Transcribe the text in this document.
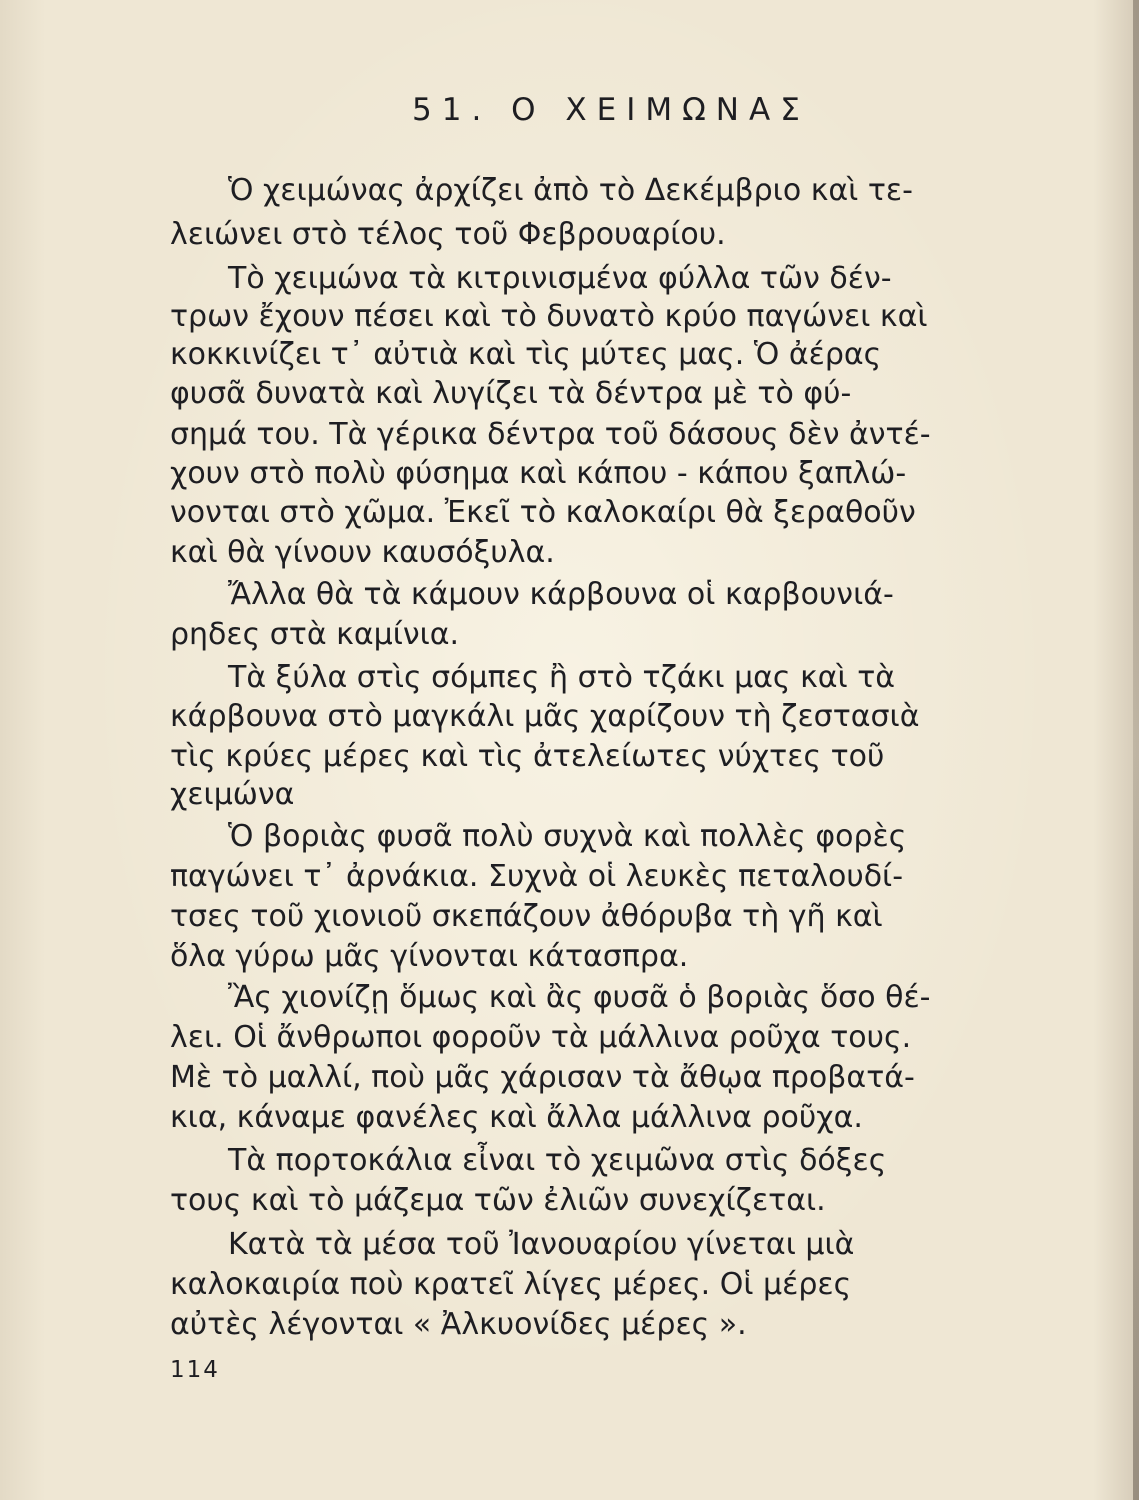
51. Ο ΧΕΙΜΩΝΑΣ
Ὁ χειμώνας ἀρχίζει ἀπὸ τὸ Δεκέμβριο καὶ τε-
λειώνει στὸ τέλος τοῦ Φεβρουαρίου.
Τὸ χειμώνα τὰ κιτρινισμένα φύλλα τῶν δέν-
τρων ἔχουν πέσει καὶ τὸ δυνατὸ κρύο παγώνει καὶ
κοκκινίζει τ᾿ αὐτιὰ καὶ τὶς μύτες μας. Ὁ ἀέρας
φυσᾶ δυνατὰ καὶ λυγίζει τὰ δέντρα μὲ τὸ φύ-
σημά του. Τὰ γέρικα δέντρα τοῦ δάσους δὲν ἀντέ-
χουν στὸ πολὺ φύσημα καὶ κάπου - κάπου ξαπλώ-
νονται στὸ χῶμα. Ἐκεῖ τὸ καλοκαίρι θὰ ξεραθοῦν
καὶ θὰ γίνουν καυσόξυλα.
Ἄλλα θὰ τὰ κάμουν κάρβουνα οἱ καρβουνιά-
ρηδες στὰ καμίνια.
Τὰ ξύλα στὶς σόμπες ἢ στὸ τζάκι μας καὶ τὰ
κάρβουνα στὸ μαγκάλι μᾶς χαρίζουν τὴ ζεστασιὰ
τὶς κρύες μέρες καὶ τὶς ἀτελείωτες νύχτες τοῦ
χειμώνα
Ὁ βοριὰς φυσᾶ πολὺ συχνὰ καὶ πολλὲς φορὲς
παγώνει τ᾿ ἀρνάκια. Συχνὰ οἱ λευκὲς πεταλουδί-
τσες τοῦ χιονιοῦ σκεπάζουν ἀθόρυβα τὴ γῆ καὶ
ὅλα γύρω μᾶς γίνονται κάτασπρα.
Ἂς χιονίζῃ ὅμως καὶ ἂς φυσᾶ ὁ βοριὰς ὅσο θέ-
λει. Οἱ ἄνθρωποι φοροῦν τὰ μάλλινα ροῦχα τους.
Μὲ τὸ μαλλί, ποὺ μᾶς χάρισαν τὰ ἄθῳα προβατά-
κια, κάναμε φανέλες καὶ ἄλλα μάλλινα ροῦχα.
Τὰ πορτοκάλια εἶναι τὸ χειμῶνα στὶς δόξες
τους καὶ τὸ μάζεμα τῶν ἐλιῶν συνεχίζεται.
Κατὰ τὰ μέσα τοῦ Ἰανουαρίου γίνεται μιὰ
καλοκαιρία ποὺ κρατεῖ λίγες μέρες. Οἱ μέρες
αὐτὲς λέγονται « Ἀλκυονίδες μέρες ».
114
